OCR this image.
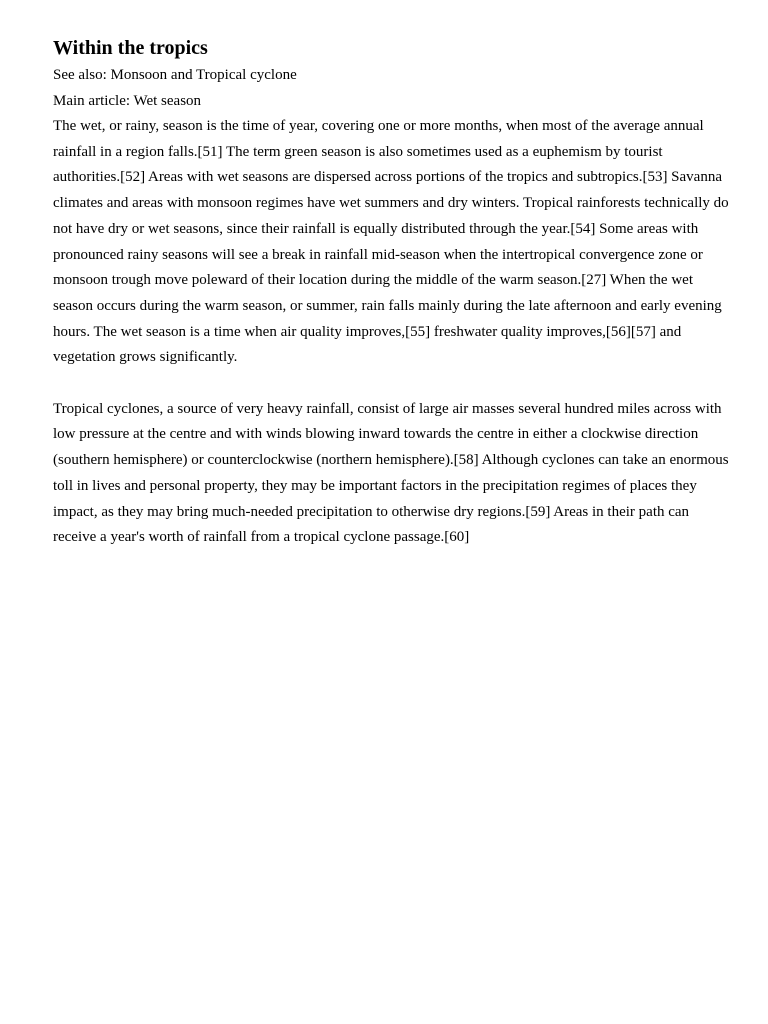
Within the tropics

See also: Monsoon and Tropical cyclone

Main article: Wet season

The wet, or rainy, season is the time of year, covering one or more months, when most of the average annual rainfall in a region falls.[51] The term green season is also sometimes used as a euphemism by tourist authorities.[52] Areas with wet seasons are dispersed across portions of the tropics and subtropics.[53] Savanna climates and areas with monsoon regimes have wet summers and dry winters. Tropical rainforests technically do not have dry or wet seasons, since their rainfall is equally distributed through the year.[54] Some areas with pronounced rainy seasons will see a break in rainfall mid-season when the intertropical convergence zone or monsoon trough move poleward of their location during the middle of the warm season.[27] When the wet season occurs during the warm season, or summer, rain falls mainly during the late afternoon and early evening hours. The wet season is a time when air quality improves,[55] freshwater quality improves,[56][57] and vegetation grows significantly.

Tropical cyclones, a source of very heavy rainfall, consist of large air masses several hundred miles across with low pressure at the centre and with winds blowing inward towards the centre in either a clockwise direction (southern hemisphere) or counterclockwise (northern hemisphere).[58] Although cyclones can take an enormous toll in lives and personal property, they may be important factors in the precipitation regimes of places they impact, as they may bring much-needed precipitation to otherwise dry regions.[59] Areas in their path can receive a year's worth of rainfall from a tropical cyclone passage.[60]
